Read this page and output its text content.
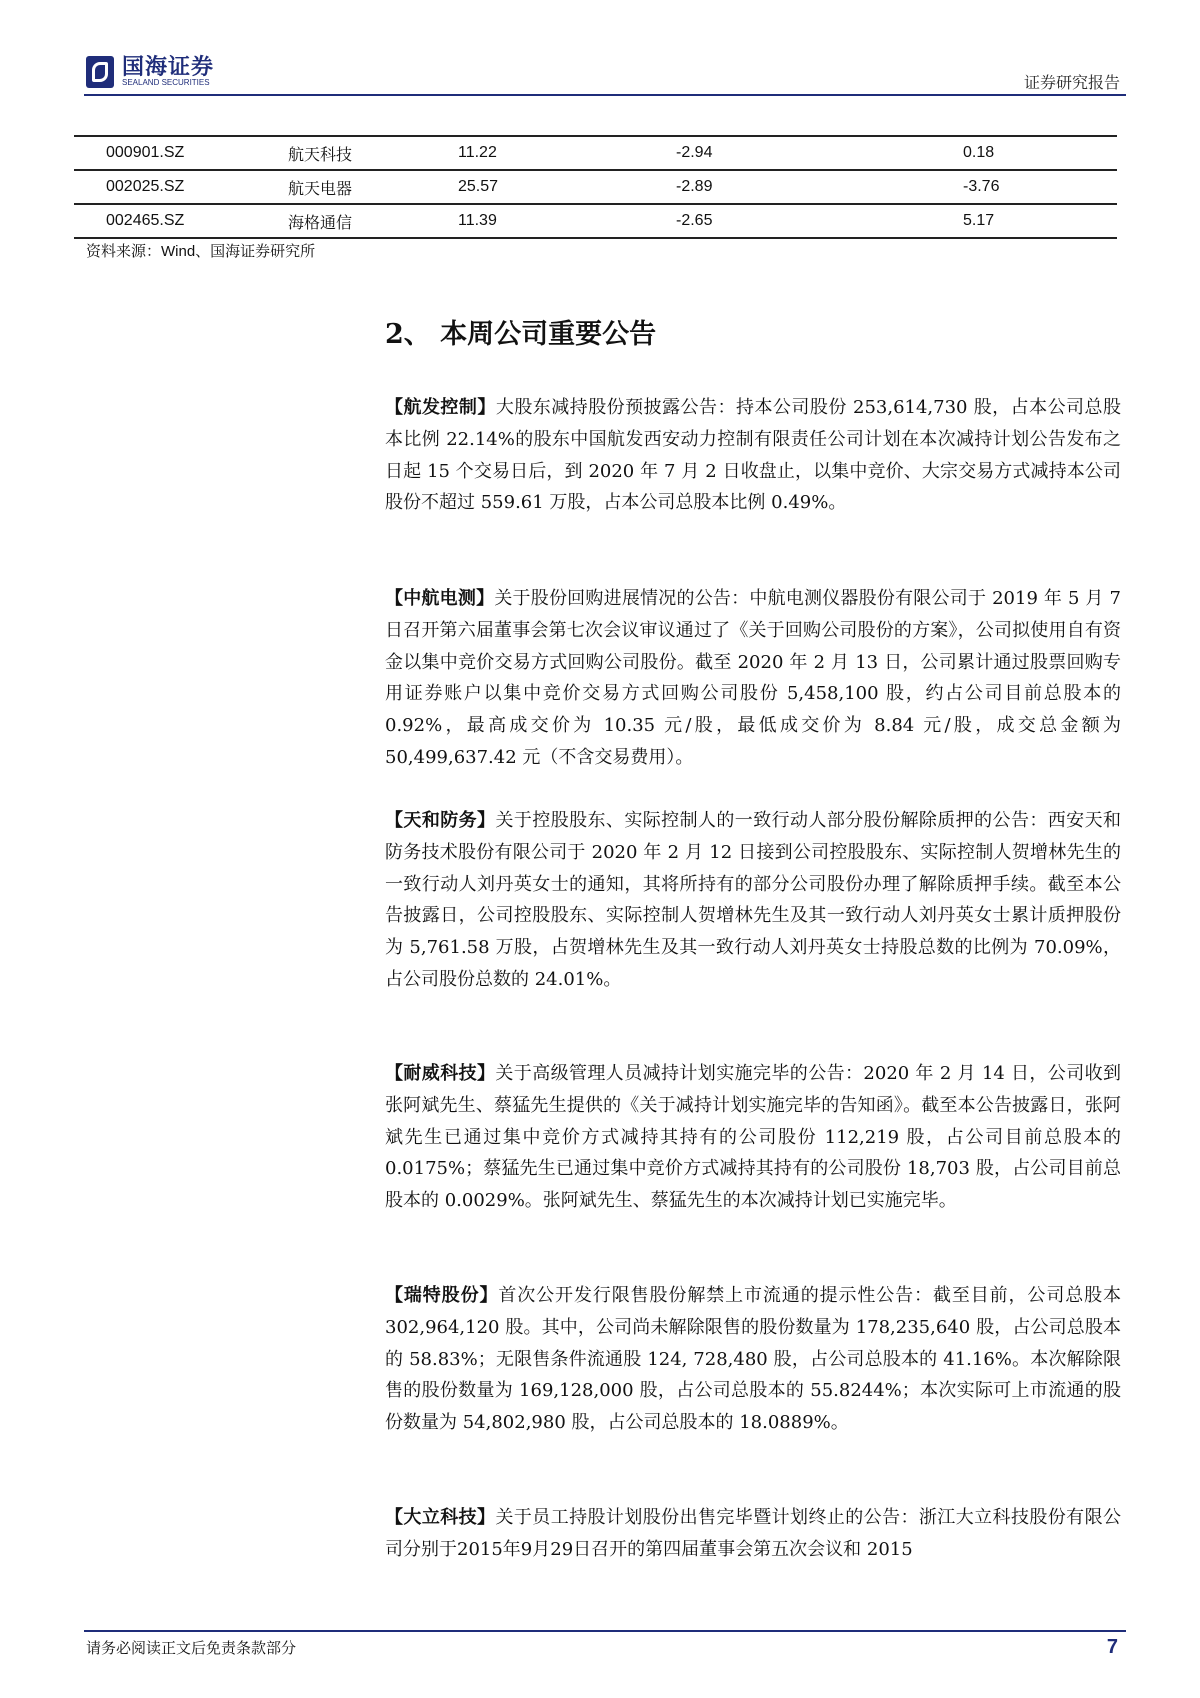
国海证券
SEALAND SECURITIES	证券研究报告
000901.SZ	航天科技	11.22	-2.94	0.18
002025.SZ	航天电器	25.57	-2.89	-3.76
002465.SZ	海格通信	11.39	-2.65	5.17
资料来源：Wind、国海证券研究所
2、 本周公司重要公告
【航发控制】大股东减持股份预披露公告：持本公司股份 253,614,730 股，占本公司总股本比例 22.14%的股东中国航发西安动力控制有限责任公司计划在本次减持计划公告发布之日起 15 个交易日后，到 2020 年 7 月 2 日收盘止，以集中竞价、大宗交易方式减持本公司股份不超过 559.61 万股，占本公司总股本比例 0.49%。
【中航电测】关于股份回购进展情况的公告：中航电测仪器股份有限公司于 2019 年 5 月 7 日召开第六届董事会第七次会议审议通过了《关于回购公司股份的方案》，公司拟使用自有资金以集中竞价交易方式回购公司股份。截至 2020 年 2 月 13 日，公司累计通过股票回购专用证券账户以集中竞价交易方式回购公司股份 5,458,100 股，约占公司目前总股本的 0.92%，最高成交价为 10.35 元/股，最低成交价为 8.84 元/股，成交总金额为 50,499,637.42 元（不含交易费用）。
【天和防务】关于控股股东、实际控制人的一致行动人部分股份解除质押的公告：西安天和防务技术股份有限公司于 2020 年 2 月 12 日接到公司控股股东、实际控制人贺增林先生的一致行动人刘丹英女士的通知，其将所持有的部分公司股份办理了解除质押手续。截至本公告披露日，公司控股股东、实际控制人贺增林先生及其一致行动人刘丹英女士累计质押股份为 5,761.58 万股，占贺增林先生及其一致行动人刘丹英女士持股总数的比例为 70.09%，占公司股份总数的 24.01%。
【耐威科技】关于高级管理人员减持计划实施完毕的公告：2020 年 2 月 14 日，公司收到张阿斌先生、蔡猛先生提供的《关于减持计划实施完毕的告知函》。截至本公告披露日，张阿斌先生已通过集中竞价方式减持其持有的公司股份 112,219 股，占公司目前总股本的 0.0175%；蔡猛先生已通过集中竞价方式减持其持有的公司股份 18,703 股，占公司目前总股本的 0.0029%。张阿斌先生、蔡猛先生的本次减持计划已实施完毕。
【瑞特股份】首次公开发行限售股份解禁上市流通的提示性公告：截至目前，公司总股本 302,964,120 股。其中，公司尚未解除限售的股份数量为 178,235,640 股，占公司总股本的 58.83%；无限售条件流通股 124, 728,480 股，占公司总股本的 41.16%。本次解除限售的股份数量为 169,128,000 股，占公司总股本的 55.8244%；本次实际可上市流通的股份数量为 54,802,980 股，占公司总股本的 18.0889%。
【大立科技】关于员工持股计划股份出售完毕暨计划终止的公告：浙江大立科技股份有限公司分别于2015年9月29日召开的第四届董事会第五次会议和 2015
请务必阅读正文后免责条款部分	7
